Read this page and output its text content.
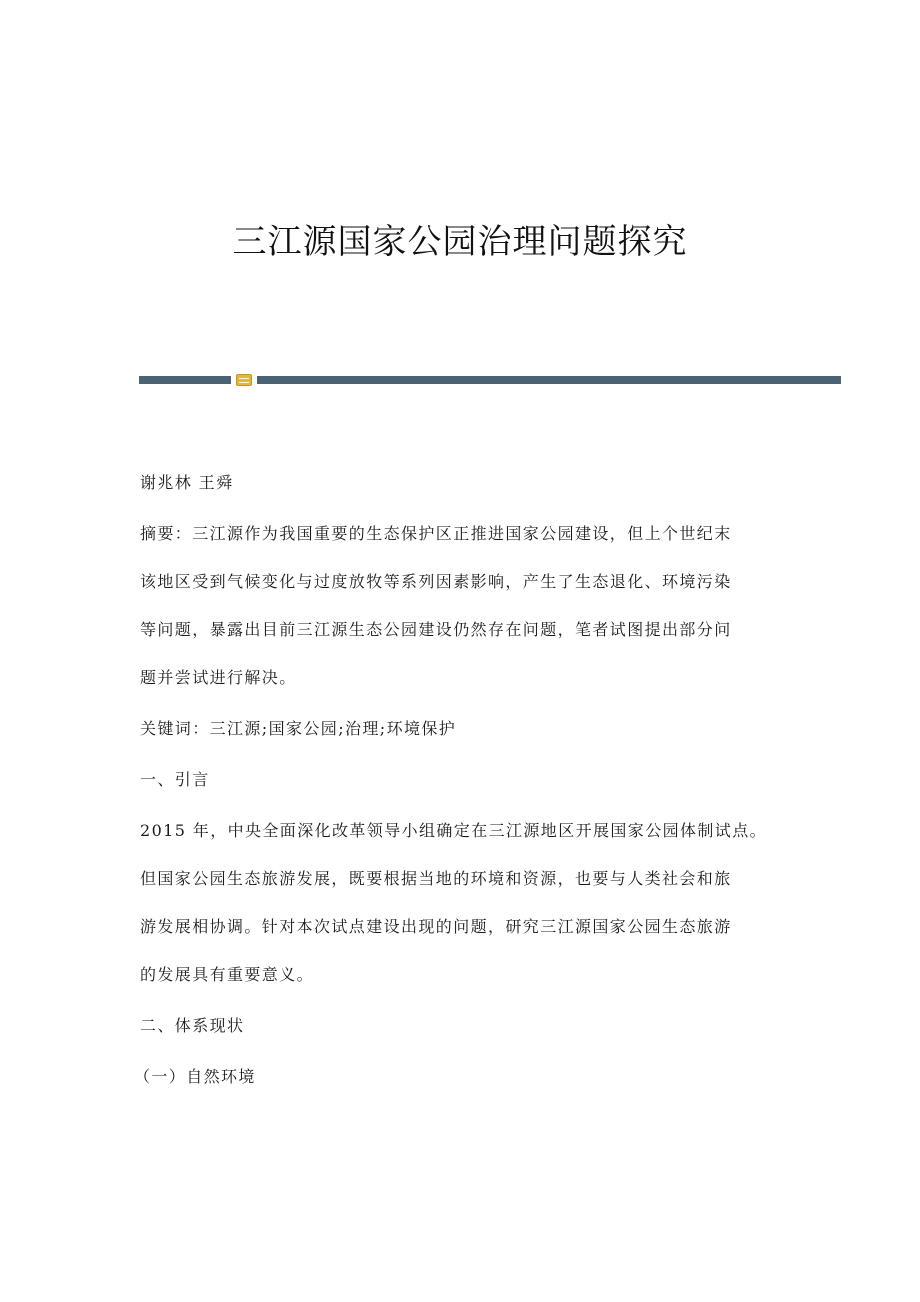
三江源国家公园治理问题探究

谢兆林 王舜

摘要：三江源作为我国重要的生态保护区正推进国家公园建设，但上个世纪末
该地区受到气候变化与过度放牧等系列因素影响，产生了生态退化、环境污染
等问题，暴露出目前三江源生态公园建设仍然存在问题，笔者试图提出部分问
题并尝试进行解决。

关键词：三江源;国家公园;治理;环境保护

一、引言

2015 年，中央全面深化改革领导小组确定在三江源地区开展国家公园体制试点。
但国家公园生态旅游发展，既要根据当地的环境和资源，也要与人类社会和旅
游发展相协调。针对本次试点建设出现的问题，研究三江源国家公园生态旅游
的发展具有重要意义。

二、体系现状

（一）自然环境
